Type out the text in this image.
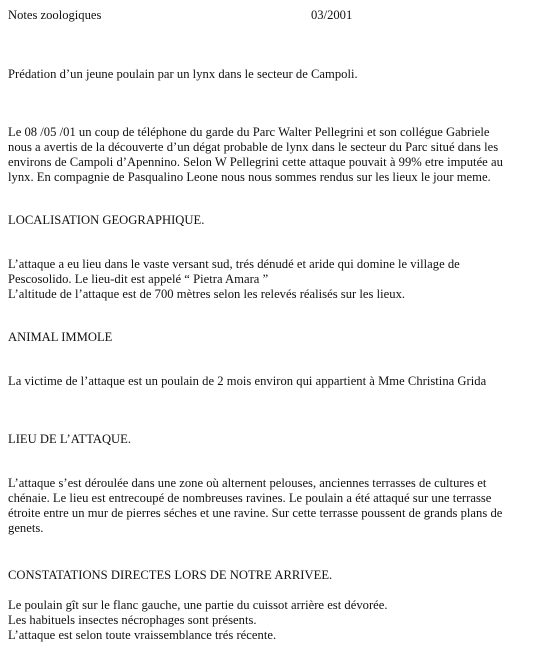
Notes zoologiques	03/2001
Prédation d’un jeune poulain par un lynx dans le secteur de Campoli.
Le 08 /05 /01 un coup de téléphone du garde du Parc Walter Pellegrini et son collégue Gabriele
nous a avertis de la découverte d’un dégat probable de lynx dans le secteur du Parc situé dans les
environs de Campoli d’Apennino. Selon W Pellegrini cette attaque pouvait à 99% etre imputée au
lynx. En compagnie de Pasqualino Leone nous nous sommes rendus sur les lieux le jour meme.
LOCALISATION GEOGRAPHIQUE.
L’attaque a eu lieu dans le vaste versant sud, trés dénudé et aride qui domine le village de
Pescosolido. Le lieu-dit est appelé “ Pietra Amara ”
L’altitude de l’attaque est de 700 mètres selon les relevés réalisés sur les lieux.
ANIMAL IMMOLE
La victime de l’attaque est un poulain de 2 mois environ qui appartient à Mme Christina Grida
LIEU DE L’ATTAQUE.
L’attaque s’est déroulée dans une zone où alternent pelouses, anciennes terrasses de cultures et
chénaie. Le lieu est entrecoupé de nombreuses ravines. Le poulain a été attaqué sur une terrasse
étroite entre un mur de pierres séches et une ravine. Sur cette terrasse poussent de grands plans de
genets.
CONSTATATIONS DIRECTES LORS DE NOTRE ARRIVEE.
Le poulain gît sur le flanc gauche, une partie du cuissot arrière est dévorée.
Les habituels insectes nécrophages sont présents.
L’attaque est selon toute vraissemblance trés récente.
